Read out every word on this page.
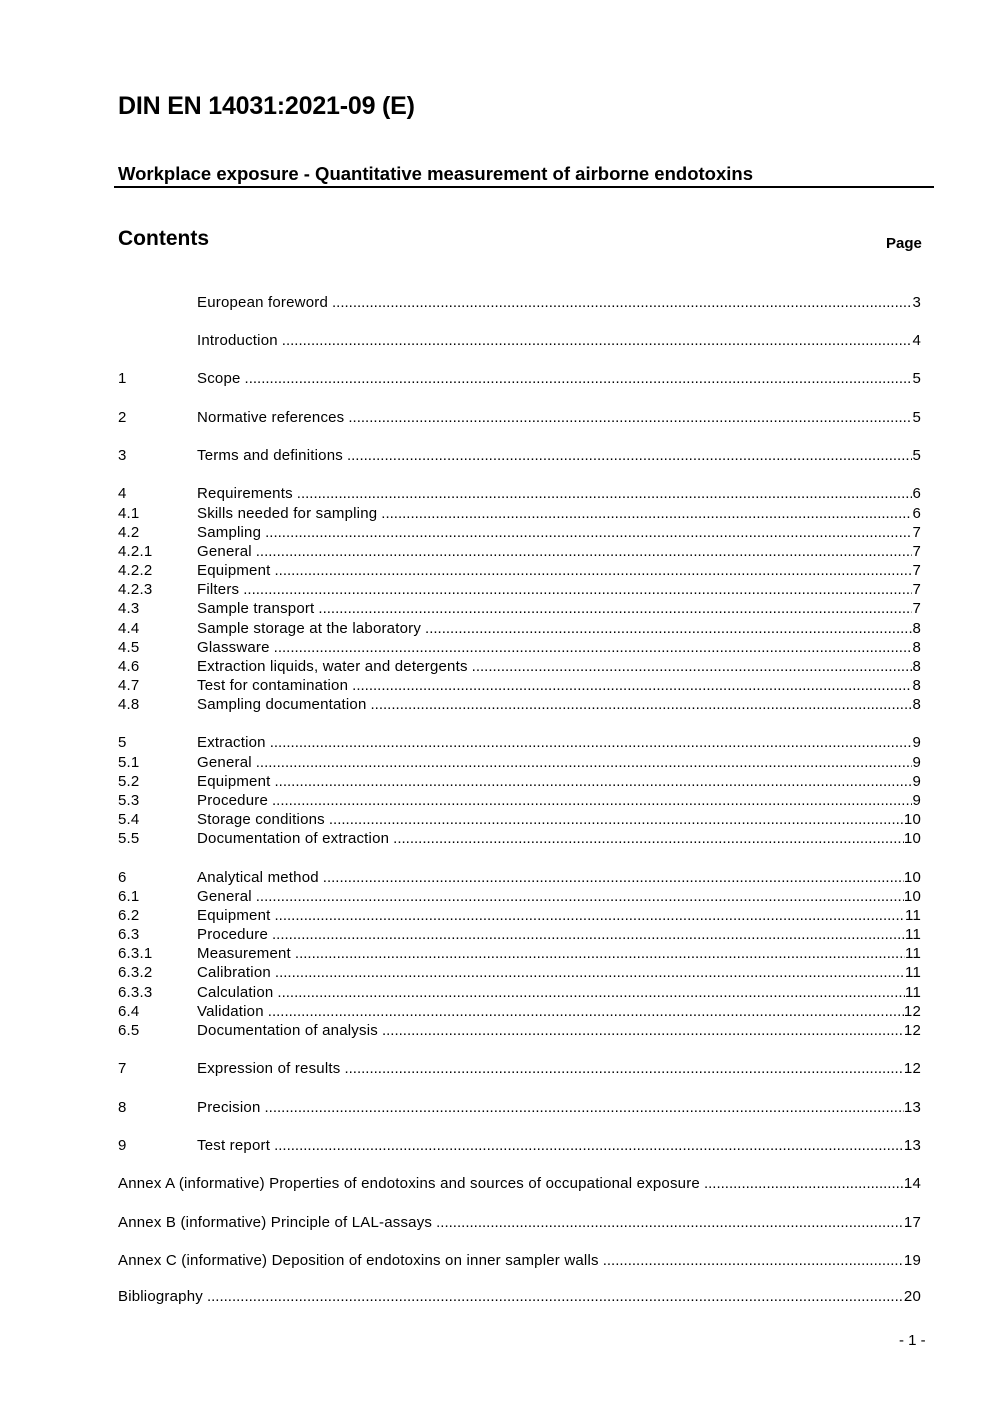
DIN EN 14031:2021-09 (E)
Workplace exposure - Quantitative measurement of airborne endotoxins
Contents	Page
European foreword .....	3
Introduction .....	4
1	Scope .....	5
2	Normative references .....	5
3	Terms and definitions .....	5
4	Requirements .....	6
4.1	Skills needed for sampling .....	6
4.2	Sampling .....	7
4.2.1	General .....	7
4.2.2	Equipment .....	7
4.2.3	Filters .....	7
4.3	Sample transport .....	7
4.4	Sample storage at the laboratory .....	8
4.5	Glassware .....	8
4.6	Extraction liquids, water and detergents .....	8
4.7	Test for contamination .....	8
4.8	Sampling documentation .....	8
5	Extraction .....	9
5.1	General .....	9
5.2	Equipment .....	9
5.3	Procedure .....	9
5.4	Storage conditions .....	10
5.5	Documentation of extraction .....	10
6	Analytical method .....	10
6.1	General .....	10
6.2	Equipment .....	11
6.3	Procedure .....	11
6.3.1	Measurement .....	11
6.3.2	Calibration .....	11
6.3.3	Calculation .....	11
6.4	Validation .....	12
6.5	Documentation of analysis .....	12
7	Expression of results .....	12
8	Precision .....	13
9	Test report .....	13
Annex A (informative) Properties of endotoxins and sources of occupational exposure .....	14
Annex B (informative) Principle of LAL-assays .....	17
Annex C (informative) Deposition of endotoxins on inner sampler walls .....	19
Bibliography .....	20
- 1 -
